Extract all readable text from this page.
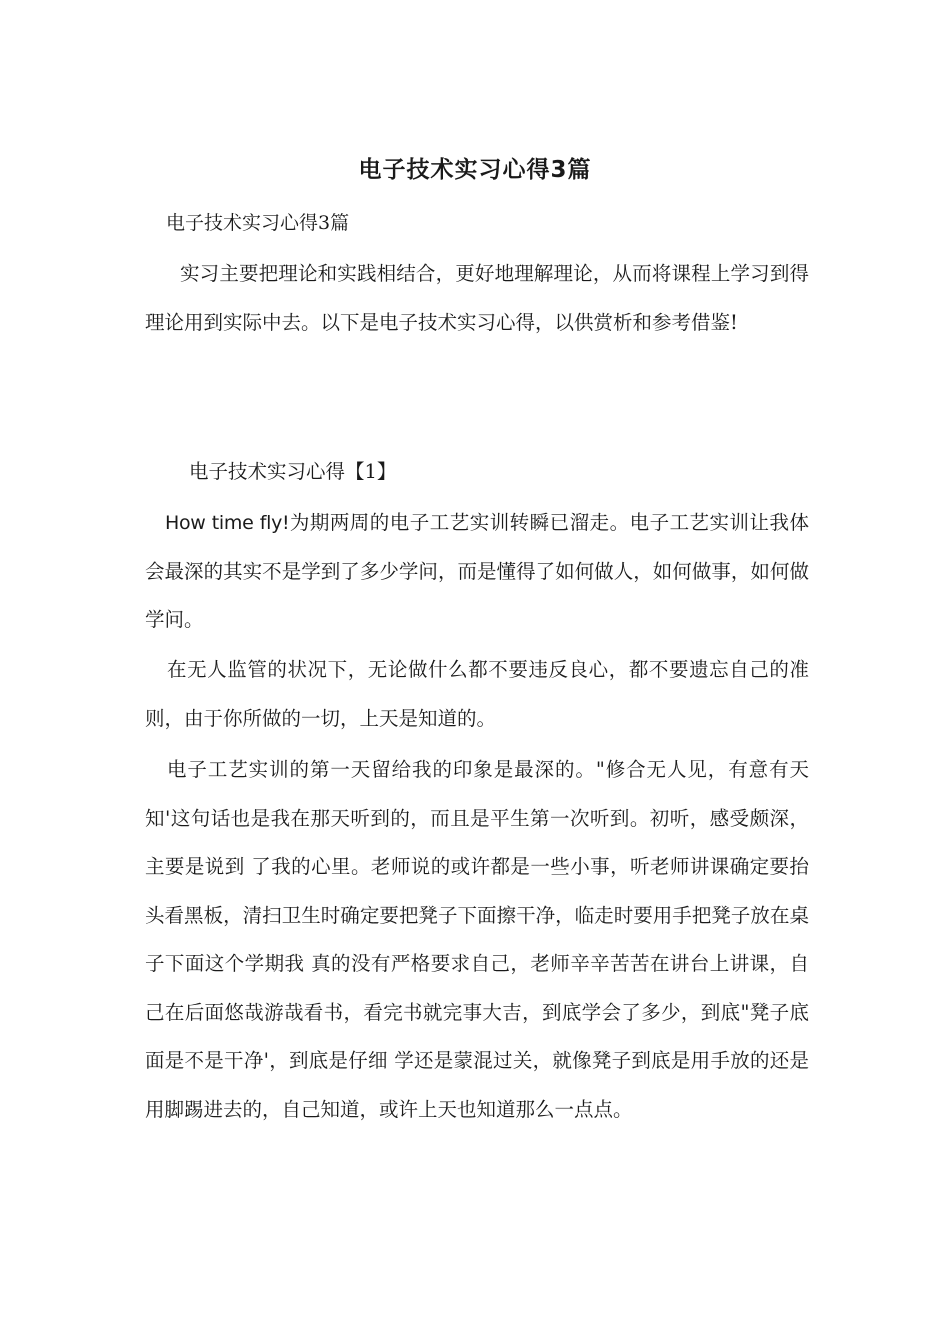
电子技术实习心得3篇
电子技术实习心得3篇

实习主要把理论和实践相结合，更好地理解理论，从而将课程上学习到得理论用到实际中去。以下是电子技术实习心得，以供赏析和参考借鉴!

电子技术实习心得【1】

How time fly!为期两周的电子工艺实训转瞬已溜走。电子工艺实训让我体会最深的其实不是学到了多少学问，而是懂得了如何做人，如何做事，如何做学问。

在无人监管的状况下，无论做什么都不要违反良心，都不要遗忘自己的准则，由于你所做的一切，上天是知道的。

电子工艺实训的第一天留给我的印象是最深的。"修合无人见，有意有天知'这句话也是我在那天听到的，而且是平生第一次听到。初听，感受颇深，主要是说到 了我的心里。老师说的或许都是一些小事，听老师讲课确定要抬头看黑板，清扫卫生时确定要把凳子下面擦干净，临走时要用手把凳子放在桌子下面这个学期我 真的没有严格要求自己，老师辛辛苦苦在讲台上讲课，自己在后面悠哉游哉看书，看完书就完事大吉，到底学会了多少，到底"凳子底面是不是干净'，到底是仔细 学还是蒙混过关，就像凳子到底是用手放的还是用脚踢进去的，自己知道，或许上天也知道那么一点点。
